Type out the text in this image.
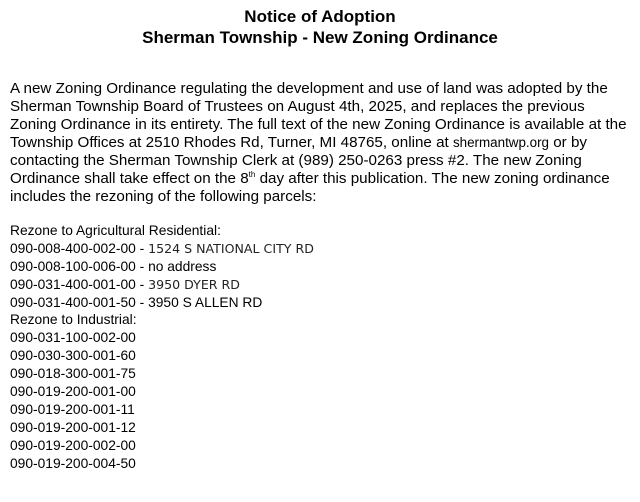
Notice of Adoption
Sherman Township - New Zoning Ordinance
A new Zoning Ordinance regulating the development and use of land was adopted by the Sherman Township Board of Trustees on August 4th, 2025, and replaces the previous Zoning Ordinance in its entirety. The full text of the new Zoning Ordinance is available at the Township Offices at 2510 Rhodes Rd, Turner, MI 48765, online at shermantwp.org or by contacting the Sherman Township Clerk at (989) 250-0263 press #2. The new Zoning Ordinance shall take effect on the 8th day after this publication. The new zoning ordinance includes the rezoning of the following parcels:
Rezone to Agricultural Residential:
090-008-400-002-00 - 1524 S NATIONAL CITY RD
090-008-100-006-00 - no address
090-031-400-001-00 - 3950 DYER RD
090-031-400-001-50 - 3950 S ALLEN RD
Rezone to Industrial:
090-031-100-002-00
090-030-300-001-60
090-018-300-001-75
090-019-200-001-00
090-019-200-001-11
090-019-200-001-12
090-019-200-002-00
090-019-200-004-50
